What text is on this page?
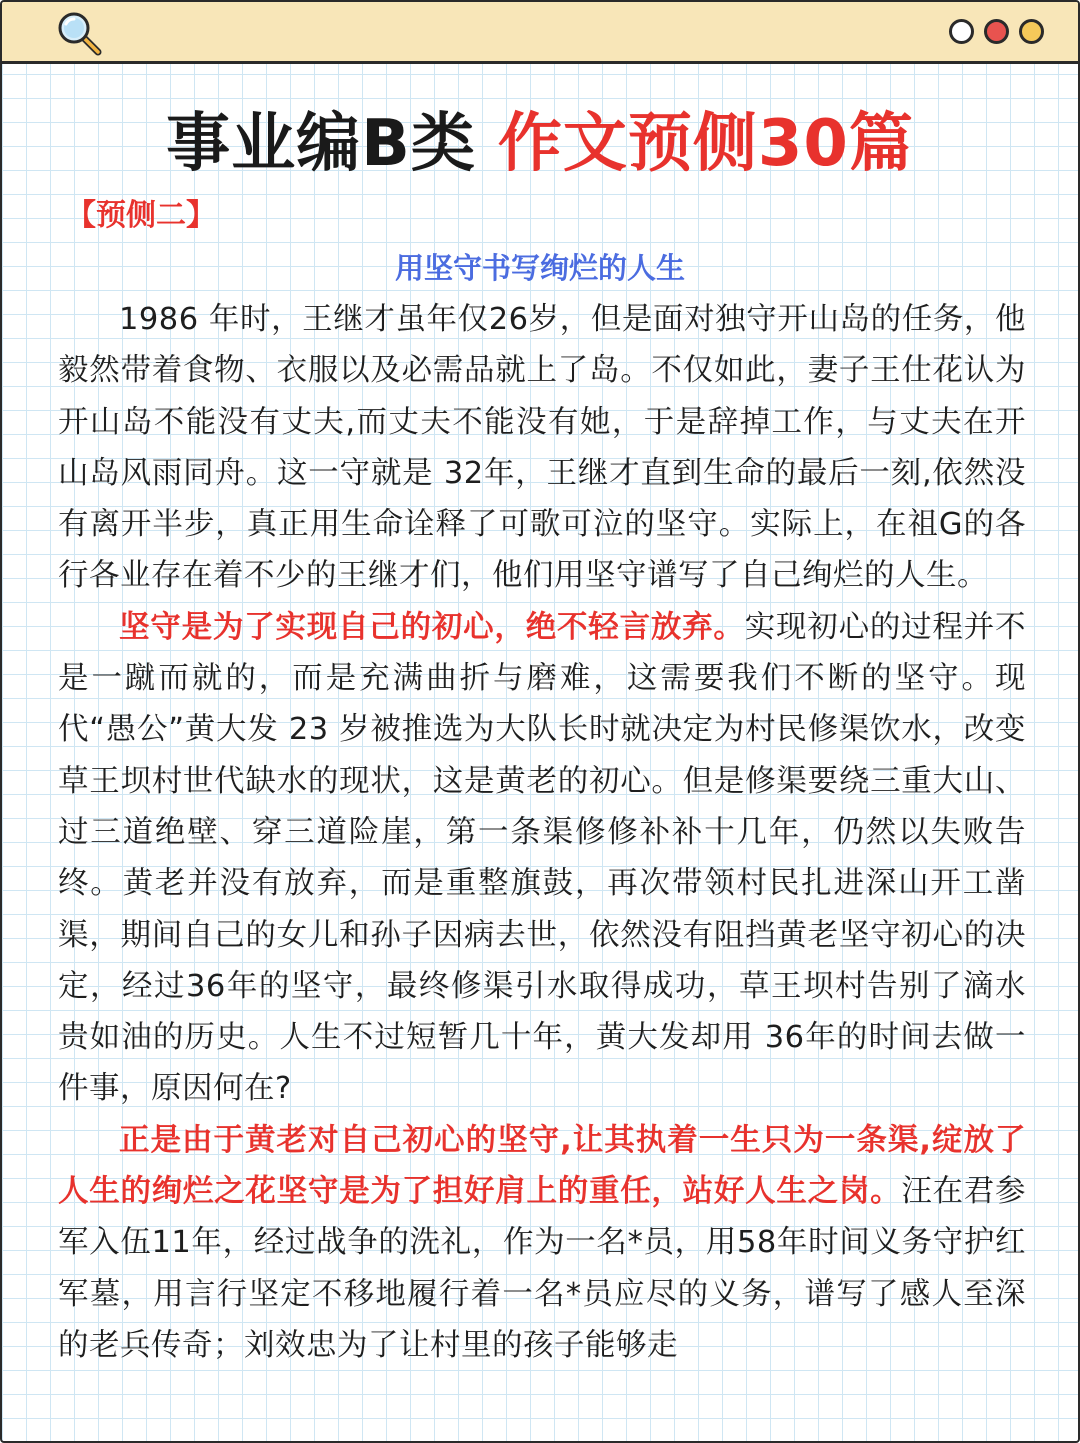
事业编B类 作文预侧30篇
【预侧二】
用坚守书写绚烂的人生

1986 年时，王继才虽年仅26岁，但是面对独守开山岛的任务，他毅然带着食物、衣服以及必需品就上了岛。不仅如此，妻子王仕花认为开山岛不能没有丈夫,而丈夫不能没有她，于是辞掉工作，与丈夫在开山岛风雨同舟。这一守就是 32年，王继才直到生命的最后一刻,依然没有离开半步，真正用生命诠释了可歌可泣的坚守。实际上，在祖G的各行各业存在着不少的王继才们，他们用坚守谱写了自己绚烂的人生。

坚守是为了实现自己的初心，绝不轻言放弃。实现初心的过程并不是一蹴而就的，而是充满曲折与磨难，这需要我们不断的坚守。现代“愚公”黄大发 23 岁被推选为大队长时就决定为村民修渠饮水，改变草王坝村世代缺水的现状，这是黄老的初心。但是修渠要绕三重大山、过三道绝壁、穿三道险崖，第一条渠修修补补十几年，仍然以失败告终。黄老并没有放弃，而是重整旗鼓，再次带领村民扎进深山开工凿渠，期间自己的女儿和孙子因病去世，依然没有阻挡黄老坚守初心的决定，经过36年的坚守，最终修渠引水取得成功，草王坝村告别了滴水贵如油的历史。人生不过短暂几十年，黄大发却用 36年的时间去做一件事，原因何在?

正是由于黄老对自己初心的坚守,让其执着一生只为一条渠,绽放了人生的绚烂之花坚守是为了担好肩上的重任，站好人生之岗。汪在君参军入伍11年，经过战争的洗礼，作为一名*员，用58年时间义务守护红军墓，用言行坚定不移地履行着一名*员应尽的义务，谱写了感人至深的老兵传奇；刘效忠为了让村里的孩子能够走
